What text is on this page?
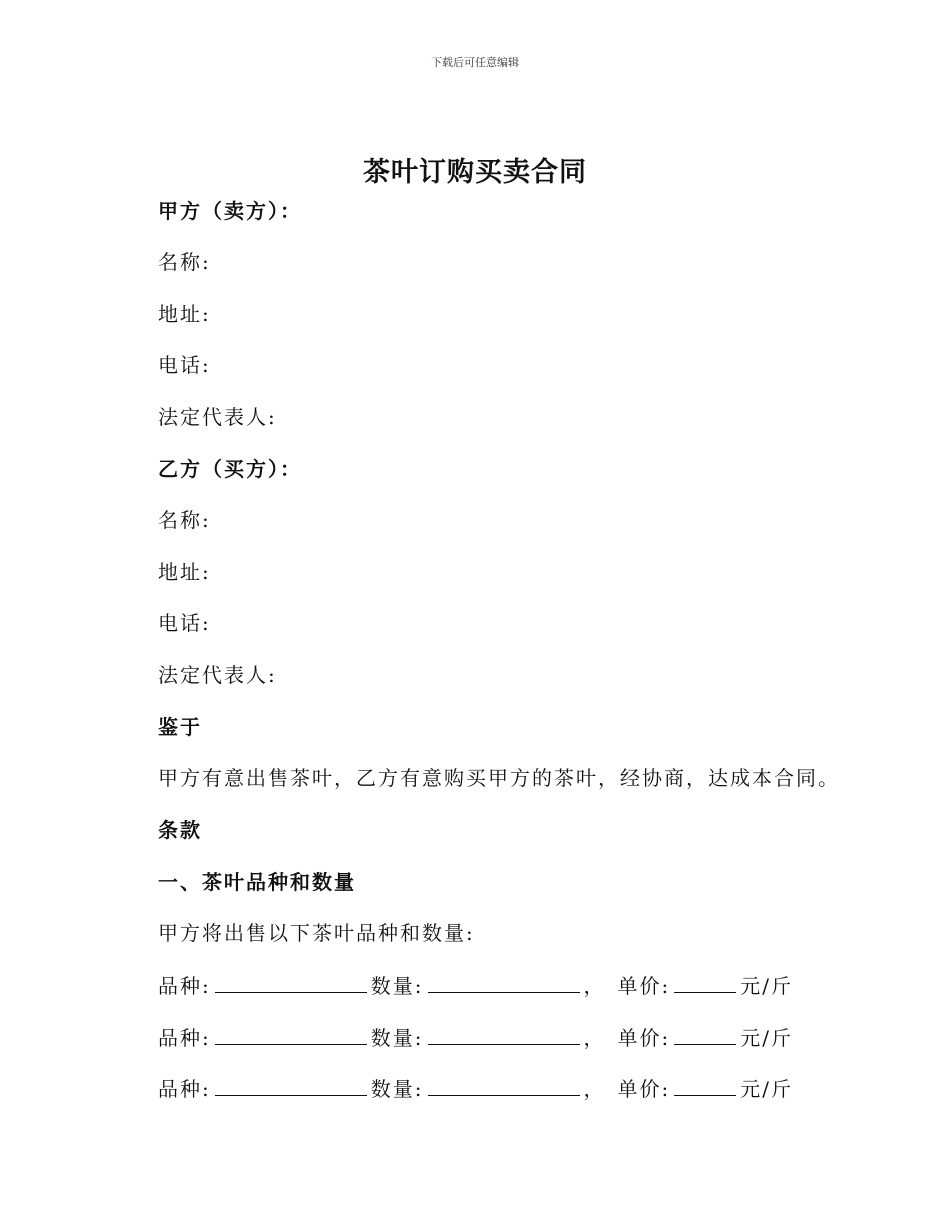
下载后可任意编辑
茶叶订购买卖合同
甲方（卖方）：
名称:
地址:
电话:
法定代表人:
乙方（买方）：
名称:
地址:
电话:
法定代表人:
鉴于
甲方有意出售茶叶，乙方有意购买甲方的茶叶，经协商，达成本合同。
条款
一、茶叶品种和数量
甲方将出售以下茶叶品种和数量:
品种:	数量:	， 单价:	元/斤
品种:	数量:	， 单价:	元/斤
品种:	数量:	， 单价:	元/斤
